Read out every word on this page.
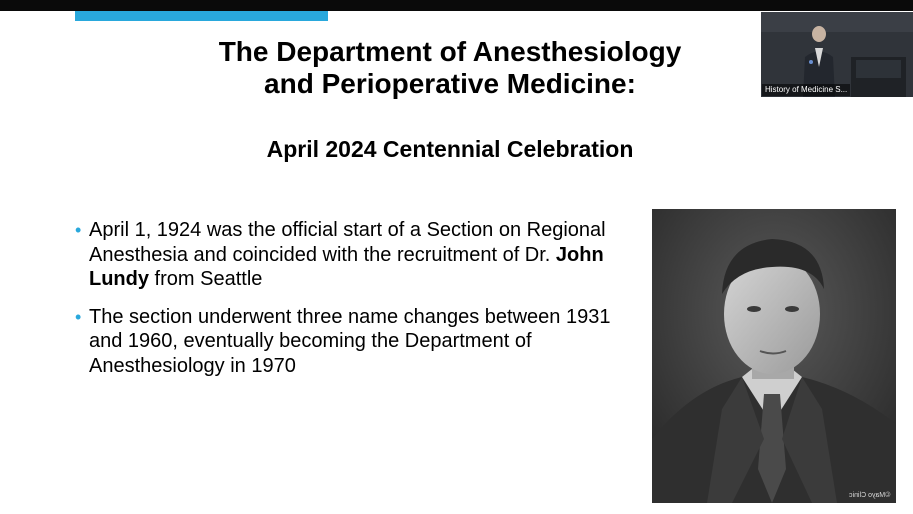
The Department of Anesthesiology
and Perioperative Medicine:
April 2024 Centennial Celebration
• April 1, 1924 was the official start of a Section on Regional Anesthesia and coincided with the recruitment of Dr. John Lundy from Seattle
• The section underwent three name changes between 1931 and 1960, eventually becoming the Department of Anesthesiology in 1970
©Mayo Clinic
History of Medicine S...
